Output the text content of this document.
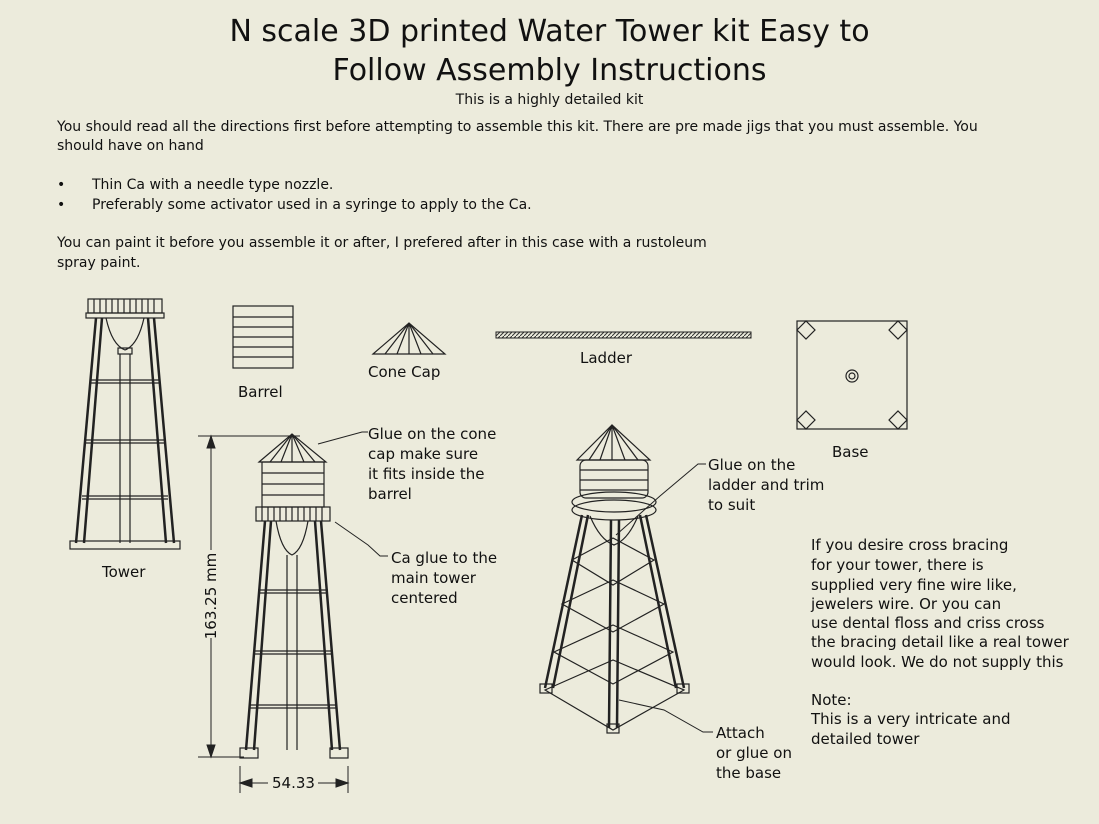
N scale 3D printed Water Tower kit Easy to
Follow Assembly Instructions
This is a highly detailed kit
You should read all the directions first before attempting to assemble this kit. There are pre made jigs that you must assemble. You
should have on hand
• Thin Ca with a needle type nozzle.
• Preferably some activator used in a syringe to apply to the Ca.
You can paint it before you assemble it or after, I prefered after in this case with a rustoleum
spray paint.
Tower
Barrel
Cone Cap
Ladder
Base
163.25 mm
54.33
Glue on the cone
cap make sure
it fits inside the
barrel
Ca glue to the
main tower
centered
Glue on the
ladder and trim
to suit
Attach
or glue on
the base
If you desire cross bracing
for your tower, there is
supplied very fine wire like,
jewelers wire. Or you can
use dental floss and criss cross
the bracing detail like a real tower
would look. We do not supply this
Note:
This is a very intricate and
detailed tower
